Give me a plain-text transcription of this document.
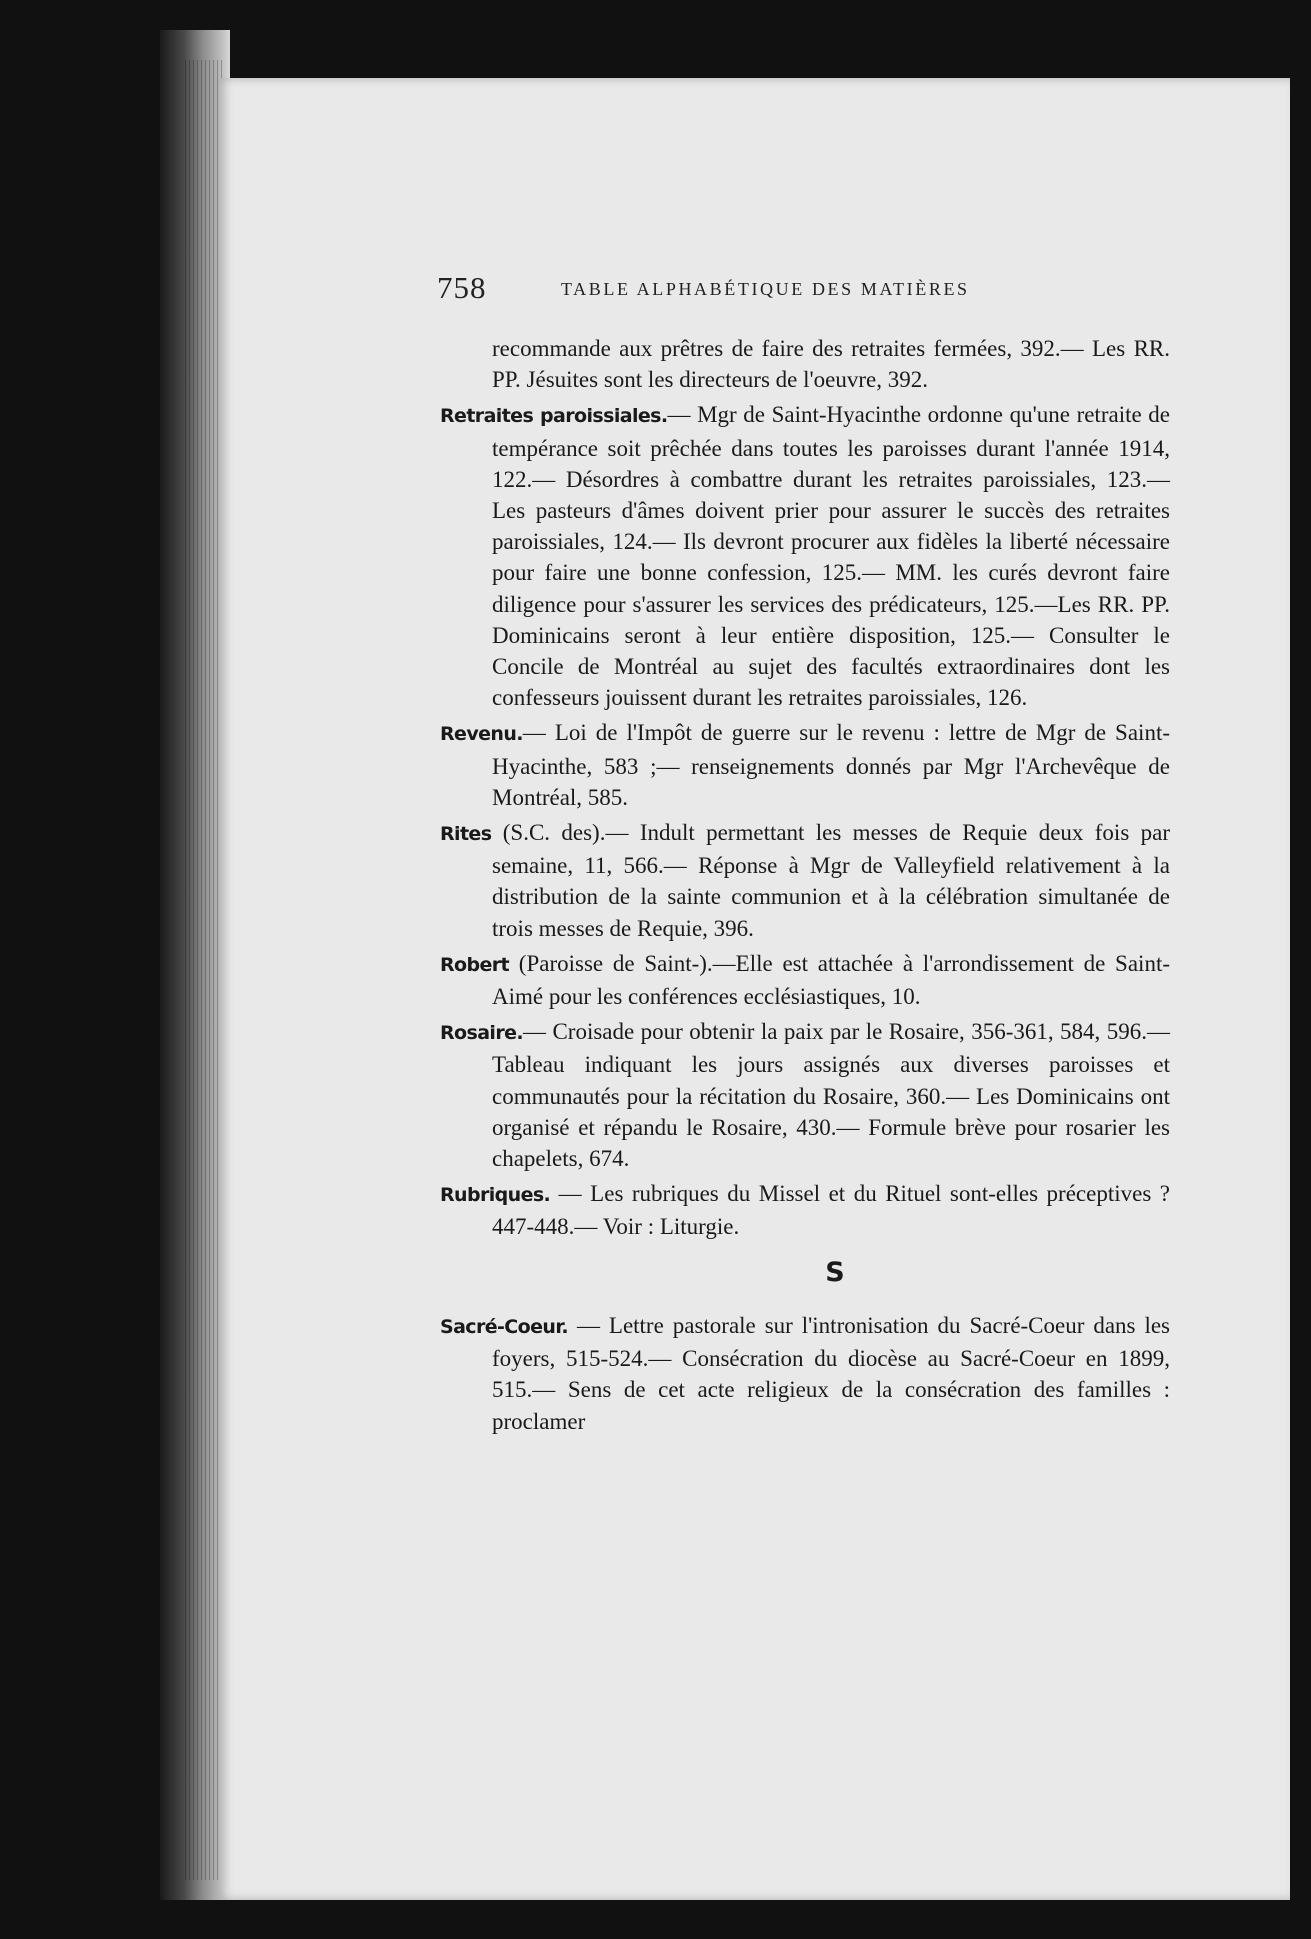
758	TABLE ALPHABÉTIQUE DES MATIÈRES

recommande aux prêtres de faire des retraites fermées, 392.— Les RR. PP. Jésuites sont les directeurs de l'oeuvre, 392.

Retraites paroissiales.— Mgr de Saint-Hyacinthe ordonne qu'une retraite de tempérance soit prêchée dans toutes les paroisses durant l'année 1914, 122.— Désordres à combattre durant les retraites paroissiales, 123.— Les pasteurs d'âmes doivent prier pour assurer le succès des retraites paroissiales, 124.— Ils devront procurer aux fidèles la liberté nécessaire pour faire une bonne confession, 125.— MM. les curés devront faire diligence pour s'assurer les services des prédicateurs, 125.—Les RR. PP. Dominicains seront à leur entière disposition, 125.— Consulter le Concile de Montréal au sujet des facultés extraordinaires dont les confesseurs jouissent durant les retraites paroissiales, 126.

Revenu.— Loi de l'Impôt de guerre sur le revenu : lettre de Mgr de Saint-Hyacinthe, 583 ;— renseignements donnés par Mgr l'Archevêque de Montréal, 585.

Rites (S.C. des).— Indult permettant les messes de Requie deux fois par semaine, 11, 566.— Réponse à Mgr de Valleyfield relativement à la distribution de la sainte communion et à la célébration simultanée de trois messes de Requie, 396.

Robert (Paroisse de Saint-).—Elle est attachée à l'arrondissement de Saint-Aimé pour les conférences ecclésiastiques, 10.

Rosaire.— Croisade pour obtenir la paix par le Rosaire, 356-361, 584, 596.— Tableau indiquant les jours assignés aux diverses paroisses et communautés pour la récitation du Rosaire, 360.— Les Dominicains ont organisé et répandu le Rosaire, 430.— Formule brève pour rosarier les chapelets, 674.

Rubriques. — Les rubriques du Missel et du Rituel sont-elles préceptives ? 447-448.— Voir : Liturgie.

S

Sacré-Coeur. — Lettre pastorale sur l'intronisation du Sacré-Coeur dans les foyers, 515-524.— Consécration du diocèse au Sacré-Coeur en 1899, 515.— Sens de cet acte religieux de la consécration des familles : proclamer
